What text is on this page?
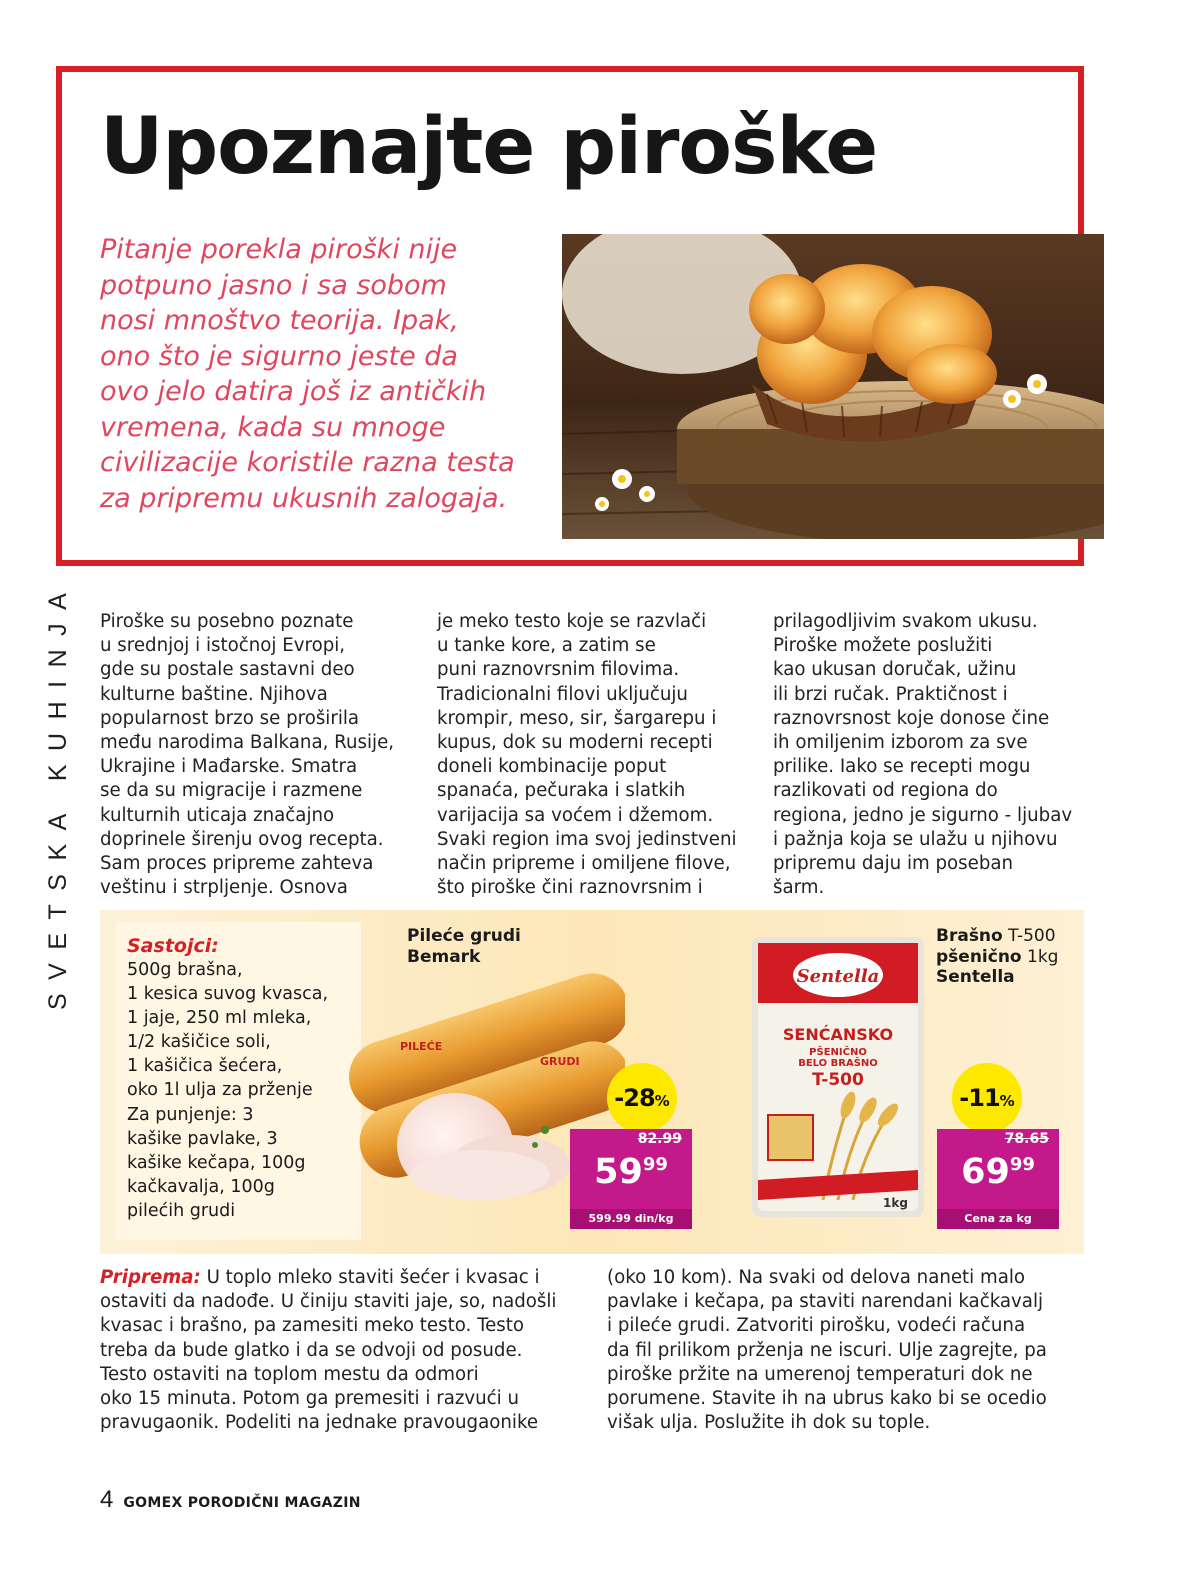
Upoznajte piroške
Pitanje porekla piroški nije
potpuno jasno i sa sobom
nosi mnoštvo teorija. Ipak,
ono što je sigurno jeste da
ovo jelo datira još iz antičkih
vremena, kada su mnoge
civilizacije koristile razna testa
za pripremu ukusnih zalogaja.
SVETSKA KUHINJA Piroške su posebno poznate
u srednjoj i istočnoj Evropi,
gde su postale sastavni deo
kulturne baštine. Njihova
popularnost brzo se proširila
među narodima Balkana, Rusije,
Ukrajine i Mađarske. Smatra
se da su migracije i razmene
kulturnih uticaja značajno
doprinele širenju ovog recepta.
Sam proces pripreme zahteva
veštinu i strpljenje. Osnova
je meko testo koje se razvlači
u tanke kore, a zatim se
puni raznovrsnim filovima.
Tradicionalni filovi uključuju
krompir, meso, sir, šargarepu i
kupus, dok su moderni recepti
doneli kombinacije poput
spanaća, pečuraka i slatkih
varijacija sa voćem i džemom.
Svaki region ima svoj jedinstveni
način pripreme i omiljene filove,
što piroške čini raznovrsnim i
prilagodljivim svakom ukusu.
Piroške možete poslužiti
kao ukusan doručak, užinu
ili brzi ručak. Praktičnost i
raznovrsnost koje donose čine
ih omiljenim izborom za sve
prilike. Iako se recepti mogu
razlikovati od regiona do
regiona, jedno je sigurno - ljubav
i pažnja koja se ulažu u njihovu
pripremu daju im poseban
šarm.
Sastojci:
500g brašna,
1 kesica suvog kvasca,
1 jaje, 250 ml mleka,
1/2 kašičice soli,
1 kašičica šećera,
oko 1l ulja za prženje
Za punjenje: 3
kašike pavlake, 3
kašike kečapa, 100g
kačkavalja, 100g
pilećih grudi
Pileće grudi
Bemark
PILEĆE
GRUDI
-28%
82.99
$59^{99}$
599.99 din/kg
Sentella
SENĆANSKO
PŠENIČNO
BELO BRAŠNO
T-500
1kg
Brašno T-500
pšenično 1kg
Sentella
-11%
78.65
$69^{99}$
Cena za kg
Priprema: U toplo mleko staviti šećer i kvasac i
ostaviti da nadođe. U činiju staviti jaje, so, nadošli
kvasac i brašno, pa zamesiti meko testo. Testo
treba da bude glatko i da se odvoji od posude.
Testo ostaviti na toplom mestu da odmori
oko 15 minuta. Potom ga premesiti i razvući u
pravugaonik. Podeliti na jednake pravougaonike
(oko 10 kom). Na svaki od delova naneti malo
pavlake i kečapa, pa staviti narendani kačkavalj
i pileće grudi. Zatvoriti pirošku, vodeći računa
da fil prilikom prženja ne iscuri. Ulje zagrejte, pa
piroške pržite na umerenoj temperaturi dok ne
porumene. Stavite ih na ubrus kako bi se ocedio
višak ulja. Poslužite ih dok su tople.
4 GOMEX PORODIČNI MAGAZIN
